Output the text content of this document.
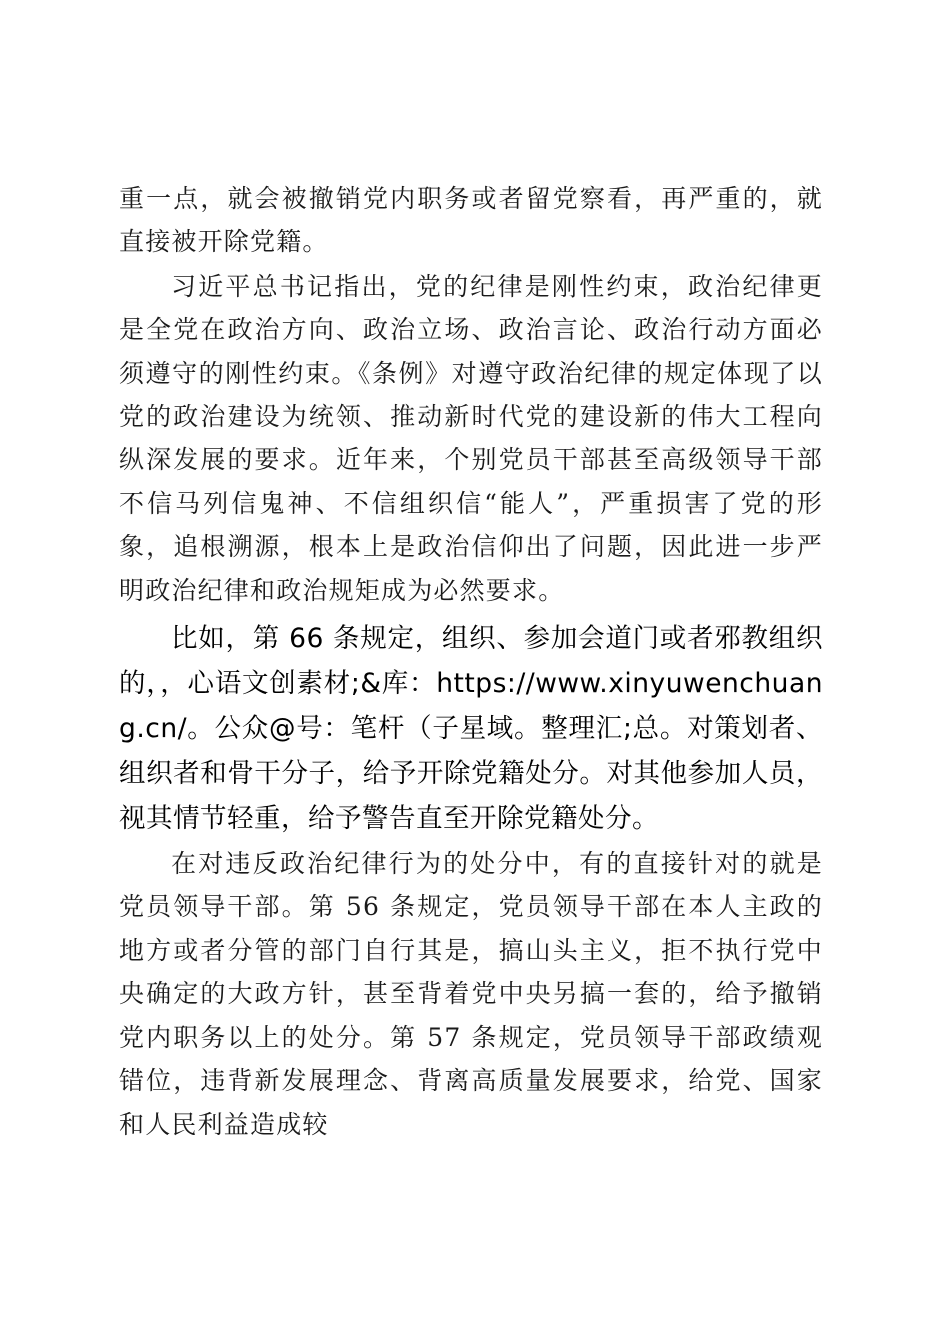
重一点，就会被撤销党内职务或者留党察看，再严重的，就直接被开除党籍。

习近平总书记指出，党的纪律是刚性约束，政治纪律更是全党在政治方向、政治立场、政治言论、政治行动方面必须遵守的刚性约束。《条例》对遵守政治纪律的规定体现了以党的政治建设为统领、推动新时代党的建设新的伟大工程向纵深发展的要求。近年来，个别党员干部甚至高级领导干部不信马列信鬼神、不信组织信“能人”，严重损害了党的形象，追根溯源，根本上是政治信仰出了问题，因此进一步严明政治纪律和政治规矩成为必然要求。

比如，第 66 条规定，组织、参加会道门或者邪教组织的，，心语文创素材;&库：https://www.xinyuwenchuang.cn/。公众@号：笔杆（子星域。整理汇;总。对策划者、组织者和骨干分子，给予开除党籍处分。对其他参加人员，视其情节轻重，给予警告直至开除党籍处分。

在对违反政治纪律行为的处分中，有的直接针对的就是党员领导干部。第 56 条规定，党员领导干部在本人主政的地方或者分管的部门自行其是，搞山头主义，拒不执行党中央确定的大政方针，甚至背着党中央另搞一套的，给予撤销党内职务以上的处分。第 57 条规定，党员领导干部政绩观错位，违背新发展理念、背离高质量发展要求，给党、国家和人民利益造成较
